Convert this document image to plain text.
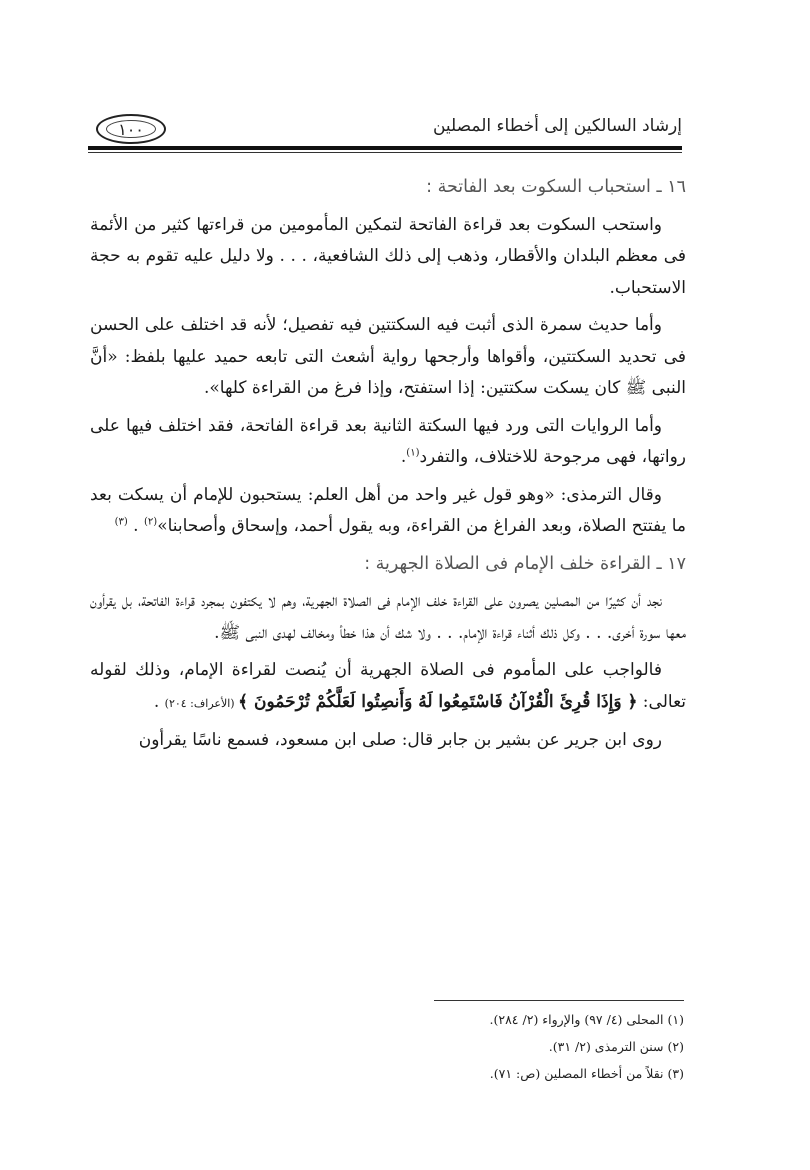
١٠٠	إرشاد السالكين إلى أخطاء المصلين
١٦ ـ استحباب السكوت بعد الفاتحة :

واستحب السكوت بعد قراءة الفاتحة لتمكين المأمومين من قراءتها كثير من الأئمة فى معظم البلدان والأقطار، وذهب إلى ذلك الشافعية، . . . ولا دليل عليه تقوم به حجة الاستحباب.

وأما حديث سمرة الذى أثبت فيه السكتتين فيه تفصيل؛ لأنه قد اختلف على الحسن فى تحديد السكتتين، وأقواها وأرجحها رواية أشعث التى تابعه حميد عليها بلفظ: «أنَّ النبى ﷺ كان يسكت سكتتين: إذا استفتح، وإذا فرغ من القراءة كلها».

وأما الروايات التى ورد فيها السكتة الثانية بعد قراءة الفاتحة، فقد اختلف فيها على رواتها، فهى مرجوحة للاختلاف، والتفرد$^{(١)}$.

وقال الترمذى: «وهو قول غير واحد من أهل العلم: يستحبون للإمام أن يسكت بعد ما يفتتح الصلاة، وبعد الفراغ من القراءة، وبه يقول أحمد، وإسحاق وأصحابنا»$^{(٢)}$ . $^{(٣)}$

١٧ ـ القراءة خلف الإمام فى الصلاة الجهرية :

نجد أن كثيرًا من المصلين يصرون على القراءة خلف الإمام فى الصلاة الجهرية، وهم لا يكتفون بمجرد قراءة الفاتحة، بل يقرأون معها سورة أخرى. . . وكل ذلك أثناء قراءة الإمام. . . ولا شك أن هذا خطأ ومخالف لهدى النبى ﷺ.

فالواجب على المأموم فى الصلاة الجهرية أن يُنصت لقراءة الإمام، وذلك لقوله تعالى: ﴿ وَإِذَا قُرِئَ الْقُرْآنُ فَاسْتَمِعُوا لَهُ وَأَنصِتُوا لَعَلَّكُمْ تُرْحَمُونَ ﴾ (الأعراف: ٢٠٤) .

روى ابن جرير عن بشير بن جابر قال: صلى ابن مسعود، فسمع ناسًا يقرأون

(١) المحلى (٤/ ٩٧) والإرواء (٢/ ٢٨٤).
(٢) سنن الترمذى (٢/ ٣١).
(٣) نقلاً من أخطاء المصلين (ص: ٧١).
